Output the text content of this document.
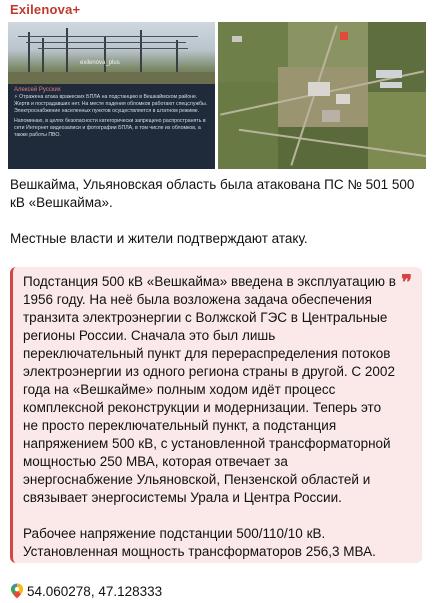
Exilenova+
exilenova_plus
Алексей Русских
⚡ Отражена атака вражеских БПЛА на подстанцию в Вешкаймском районе. Жертв и пострадавших нет. На месте падения обломков работают спецслужбы. Электроснабжение населенных пунктов осуществляется в штатном режиме.
Напоминаю, в целях безопасности категорически запрещено распространять в сети Интернет видеозаписи и фотографии БПЛА, в том числе их обломков, а также работы ПВО.

Вешкайма, Ульяновская область была атакована ПС № 501 500 кВ «Вешкайма».

Местные власти и жители подтверждают атаку.

❞

Подстанция 500 кВ «Вешкайма» введена в эксплуатацию в 1956 году. На неё была возложена задача обеспечения транзита электроэнергии с Волжской ГЭС в Центральные регионы России. Сначала это был лишь переключательный пункт для перераспределения потоков электроэнергии из одного региона страны в другой. С 2002 года на «Вешкайме» полным ходом идёт процесс комплексной реконструкции и модернизации. Теперь это не просто переключательный пункт, а подстанция напряжением 500 кВ, с установленной трансформаторной мощностью 250 МВА, которая отвечает за энергоснабжение Ульяновской, Пензенской областей и связывает энергосистемы Урала и Центра России.

Рабочее напряжение подстанции 500/110/10 кВ. Установленная мощность трансформаторов 256,3 МВА.

54.060278, 47.128333
